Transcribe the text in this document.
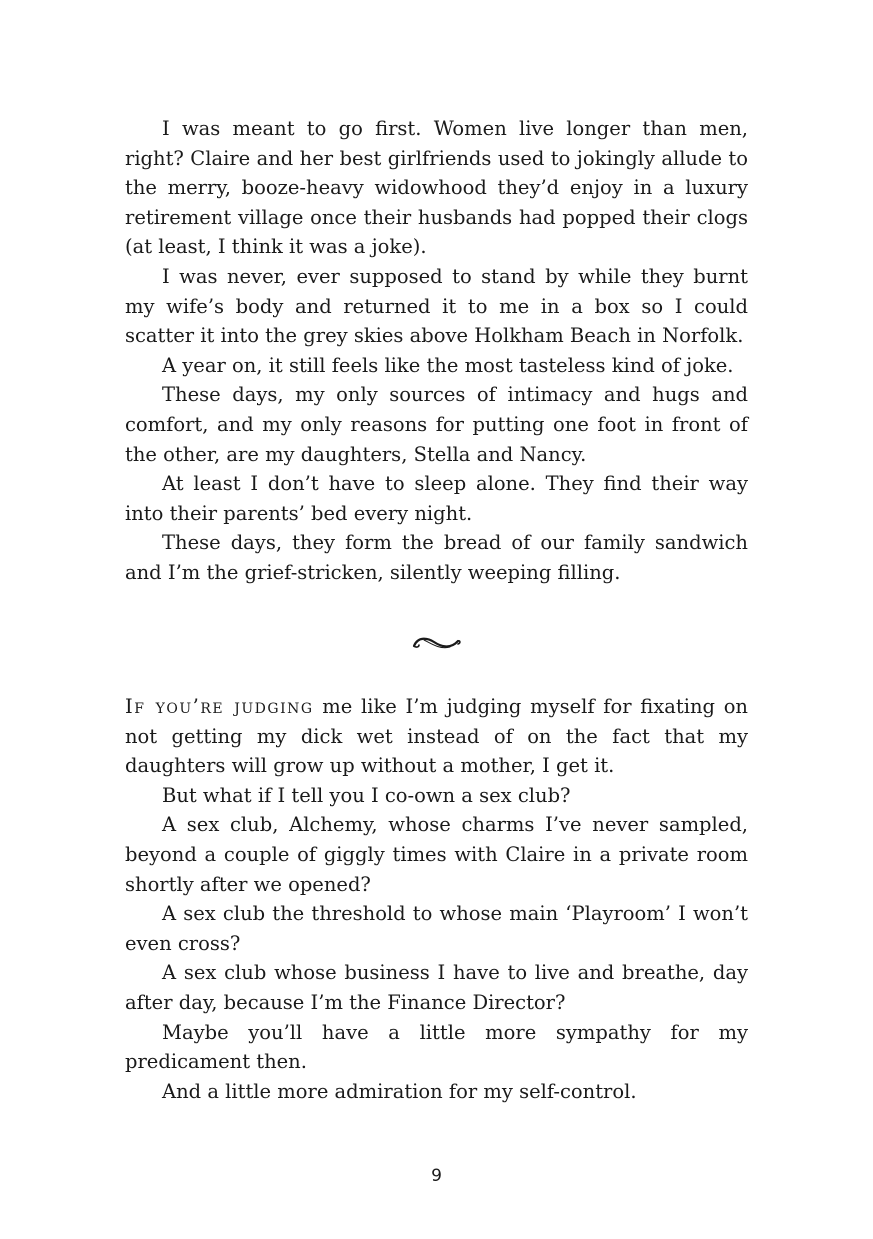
I was meant to go first. Women live longer than men, right? Claire and her best girlfriends used to jokingly allude to the merry, booze-heavy widowhood they’d enjoy in a luxury retirement village once their husbands had popped their clogs (at least, I think it was a joke).

I was never, ever supposed to stand by while they burnt my wife’s body and returned it to me in a box so I could scatter it into the grey skies above Holkham Beach in Norfolk.

A year on, it still feels like the most tasteless kind of joke.

These days, my only sources of intimacy and hugs and comfort, and my only reasons for putting one foot in front of the other, are my daughters, Stella and Nancy.

At least I don’t have to sleep alone. They find their way into their parents’ bed every night.

These days, they form the bread of our family sandwich and I’m the grief-stricken, silently weeping filling.

If you’re judging me like I’m judging myself for fixating on not getting my dick wet instead of on the fact that my daughters will grow up without a mother, I get it.

But what if I tell you I co-own a sex club?

A sex club, Alchemy, whose charms I’ve never sampled, beyond a couple of giggly times with Claire in a private room shortly after we opened?

A sex club the threshold to whose main ‘Playroom’ I won’t even cross?

A sex club whose business I have to live and breathe, day after day, because I’m the Finance Director?

Maybe you’ll have a little more sympathy for my predicament then.

And a little more admiration for my self-control.

9
